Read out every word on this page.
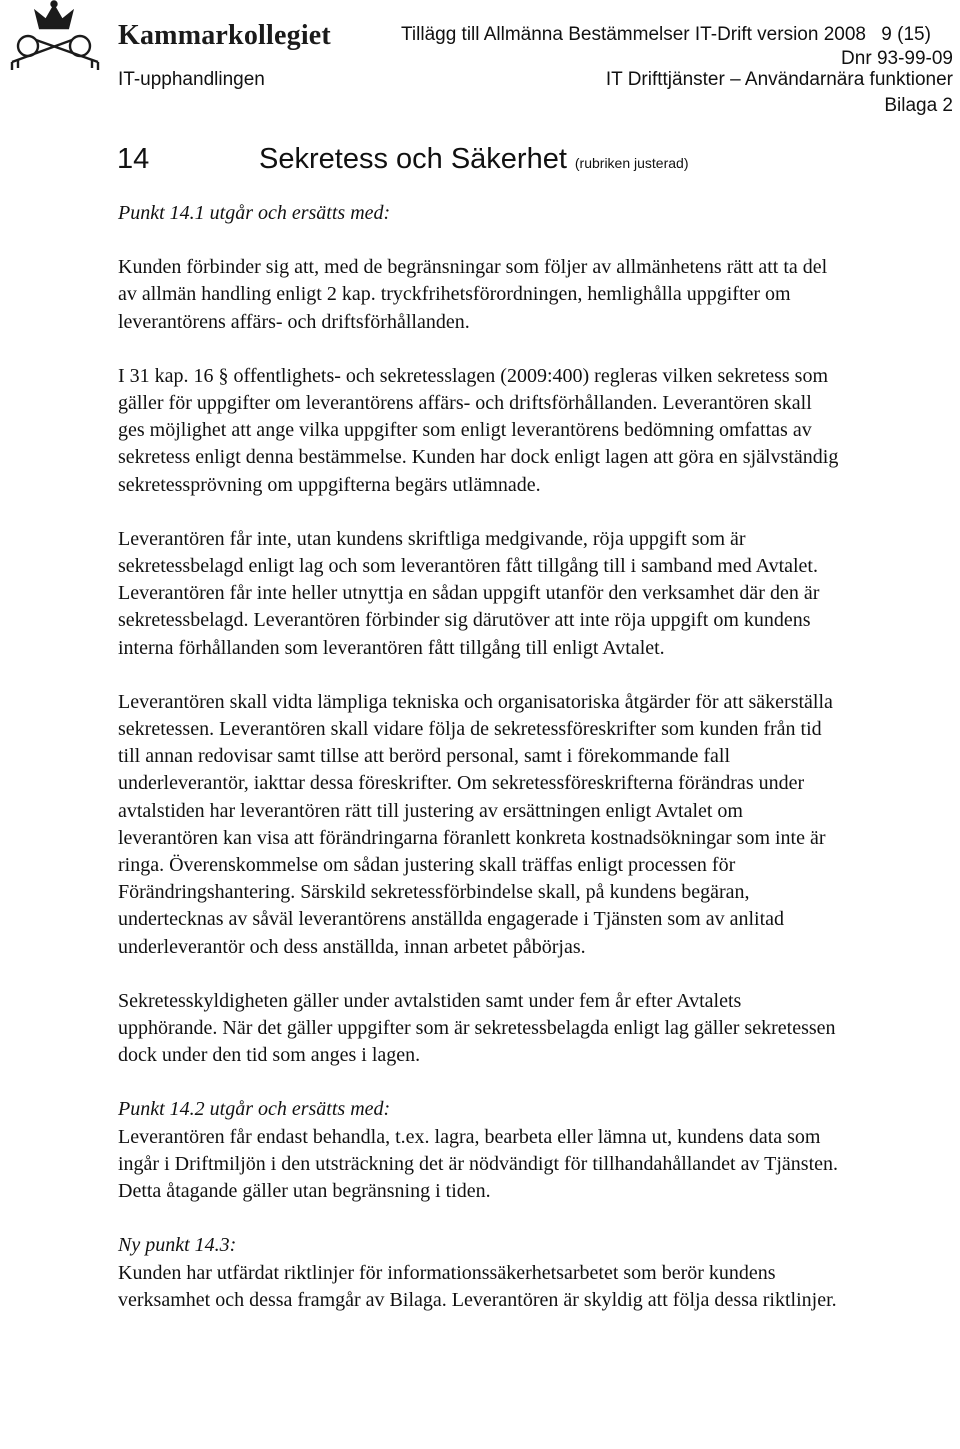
Kammarkollegiet	Tillägg till Allmänna Bestämmelser IT-Drift version 2008 9 (15)
Dnr 93-99-09
IT-upphandlingen	IT Drifttjänster – Användarnära funktioner
Bilaga 2
14	Sekretess och Säkerhet (rubriken justerad)

Punkt 14.1 utgår och ersätts med:

Kunden förbinder sig att, med de begränsningar som följer av allmänhetens rätt att ta del av allmän handling enligt 2 kap. tryckfrihetsförordningen, hemlighålla uppgifter om leverantörens affärs- och driftsförhållanden.

I 31 kap. 16 § offentlighets- och sekretesslagen (2009:400) regleras vilken sekretess som gäller för uppgifter om leverantörens affärs- och driftsförhållanden. Leverantören skall ges möjlighet att ange vilka uppgifter som enligt leverantörens bedömning omfattas av sekretess enligt denna bestämmelse. Kunden har dock enligt lagen att göra en självständig sekretessprövning om uppgifterna begärs utlämnade.

Leverantören får inte, utan kundens skriftliga medgivande, röja uppgift som är sekretessbelagd enligt lag och som leverantören fått tillgång till i samband med Avtalet. Leverantören får inte heller utnyttja en sådan uppgift utanför den verksamhet där den är sekretessbelagd. Leverantören förbinder sig därutöver att inte röja uppgift om kundens interna förhållanden som leverantören fått tillgång till enligt Avtalet.

Leverantören skall vidta lämpliga tekniska och organisatoriska åtgärder för att säkerställa sekretessen. Leverantören skall vidare följa de sekretessföreskrifter som kunden från tid till annan redovisar samt tillse att berörd personal, samt i förekommande fall underleverantör, iakttar dessa föreskrifter. Om sekretessföreskrifterna förändras under avtalstiden har leverantören rätt till justering av ersättningen enligt Avtalet om leverantören kan visa att förändringarna föranlett konkreta kostnadsökningar som inte är ringa. Överenskommelse om sådan justering skall träffas enligt processen för Förändringshantering. Särskild sekretessförbindelse skall, på kundens begäran, undertecknas av såväl leverantörens anställda engagerade i Tjänsten som av anlitad underleverantör och dess anställda, innan arbetet påbörjas.

Sekretesskyldigheten gäller under avtalstiden samt under fem år efter Avtalets upphörande. När det gäller uppgifter som är sekretessbelagda enligt lag gäller sekretessen dock under den tid som anges i lagen.

Punkt 14.2 utgår och ersätts med:

Leverantören får endast behandla, t.ex. lagra, bearbeta eller lämna ut, kundens data som ingår i Driftmiljön i den utsträckning det är nödvändigt för tillhandahållandet av Tjänsten. Detta åtagande gäller utan begränsning i tiden.

Ny punkt 14.3:

Kunden har utfärdat riktlinjer för informationssäkerhetsarbetet som berör kundens verksamhet och dessa framgår av Bilaga. Leverantören är skyldig att följa dessa riktlinjer.
